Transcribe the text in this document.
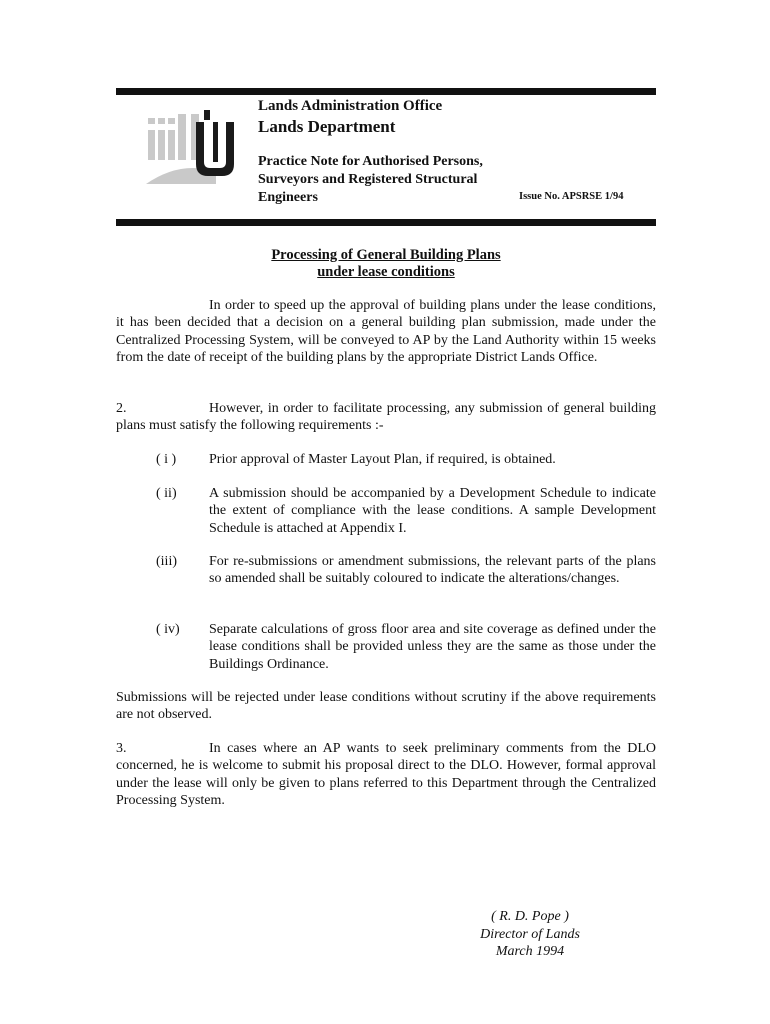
Lands Administration Office
Lands Department
Practice Note for Authorised Persons,
Surveyors and Registered Structural
Engineers	Issue No. APSRSE 1/94
Processing of General Building Plans
under lease conditions
In order to speed up the approval of building plans under the lease conditions, it has been decided that a decision on a general building plan submission, made under the Centralized Processing System, will be conveyed to AP by the Land Authority within 15 weeks from the date of receipt of the building plans by the appropriate District Lands Office.
2.	However, in order to facilitate processing, any submission of general building plans must satisfy the following requirements :-
( i )	Prior approval of Master Layout Plan, if required, is obtained.
( ii)	A submission should be accompanied by a Development Schedule to indicate the extent of compliance with the lease conditions. A sample Development Schedule is attached at Appendix I.
(iii)	For re-submissions or amendment submissions, the relevant parts of the plans so amended shall be suitably coloured to indicate the alterations/changes.
( iv)	Separate calculations of gross floor area and site coverage as defined under the lease conditions shall be provided unless they are the same as those under the Buildings Ordinance.
Submissions will be rejected under lease conditions without scrutiny if the above requirements are not observed.
3.	In cases where an AP wants to seek preliminary comments from the DLO concerned, he is welcome to submit his proposal direct to the DLO. However, formal approval under the lease will only be given to plans referred to this Department through the Centralized Processing System.
( R. D. Pope )
Director of Lands
March 1994
